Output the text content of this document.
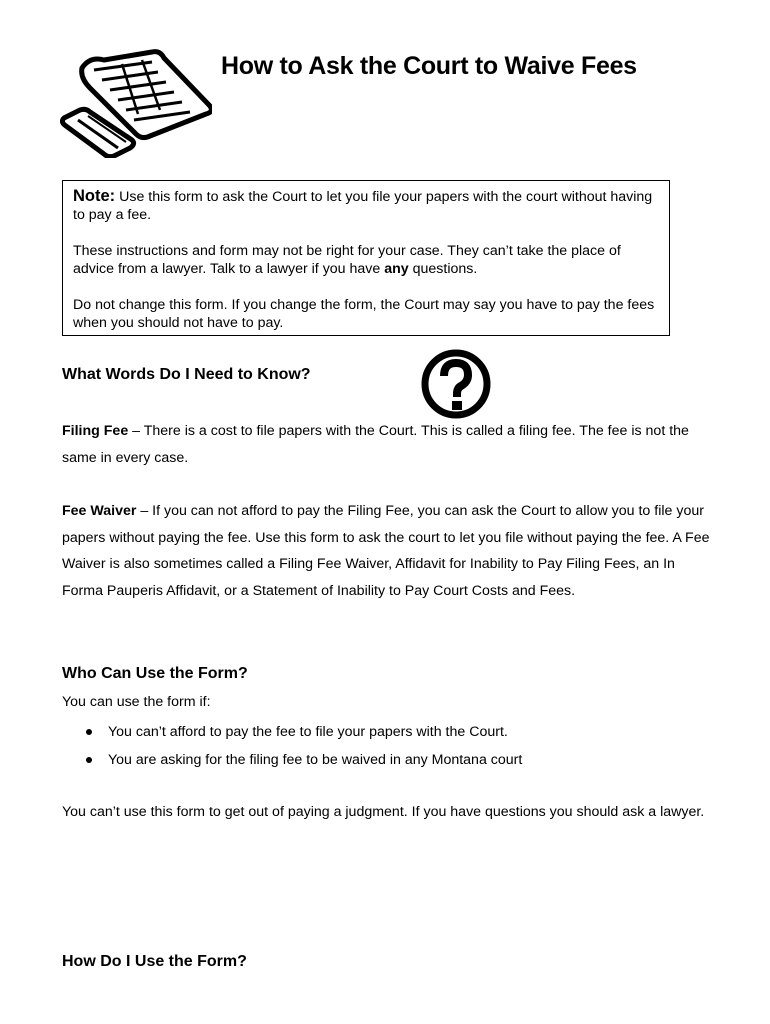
How to Ask the Court to Waive Fees

Note: Use this form to ask the Court to let you file your papers with the court without having to pay a fee.

These instructions and form may not be right for your case. They can’t take the place of advice from a lawyer. Talk to a lawyer if you have any questions.

Do not change this form. If you change the form, the Court may say you have to pay the fees when you should not have to pay.

What Words Do I Need to Know?

Filing Fee – There is a cost to file papers with the Court. This is called a filing fee. The fee is not the same in every case.

Fee Waiver – If you can not afford to pay the Filing Fee, you can ask the Court to allow you to file your papers without paying the fee. Use this form to ask the court to let you file without paying the fee. A Fee Waiver is also sometimes called a Filing Fee Waiver, Affidavit for Inability to Pay Filing Fees, an In Forma Pauperis Affidavit, or a Statement of Inability to Pay Court Costs and Fees.

Who Can Use the Form?

You can use the form if:

You can’t afford to pay the fee to file your papers with the Court.
You are asking for the filing fee to be waived in any Montana court

You can’t use this form to get out of paying a judgment. If you have questions you should ask a lawyer.

How Do I Use the Form?
